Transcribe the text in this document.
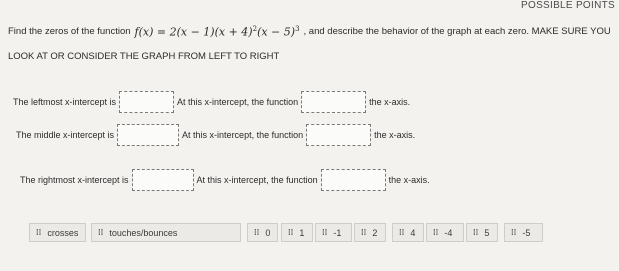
POSSIBLE POINTS
Find the zeros of the function $f(x) = 2(x - 1)(x + 4)^2(x - 5)^3$ , and describe the behavior of the graph at each zero. MAKE SURE YOU
LOOK AT OR CONSIDER THE GRAPH FROM LEFT TO RIGHT
The leftmost x-intercept is	At this x-intercept, the function	the x-axis.
The middle x-intercept is	At this x-intercept, the function	the x-axis.
The rightmost x-intercept is	At this x-intercept, the function	the x-axis.
⁞⁞ crosses ⁞⁞ touches/bounces	⁞⁞ 0 ⁞⁞ 1 ⁞⁞ -1 ⁞⁞ 2	⁞⁞ 4 ⁞⁞ -4	⁞⁞ 5	⁞⁞ -5
